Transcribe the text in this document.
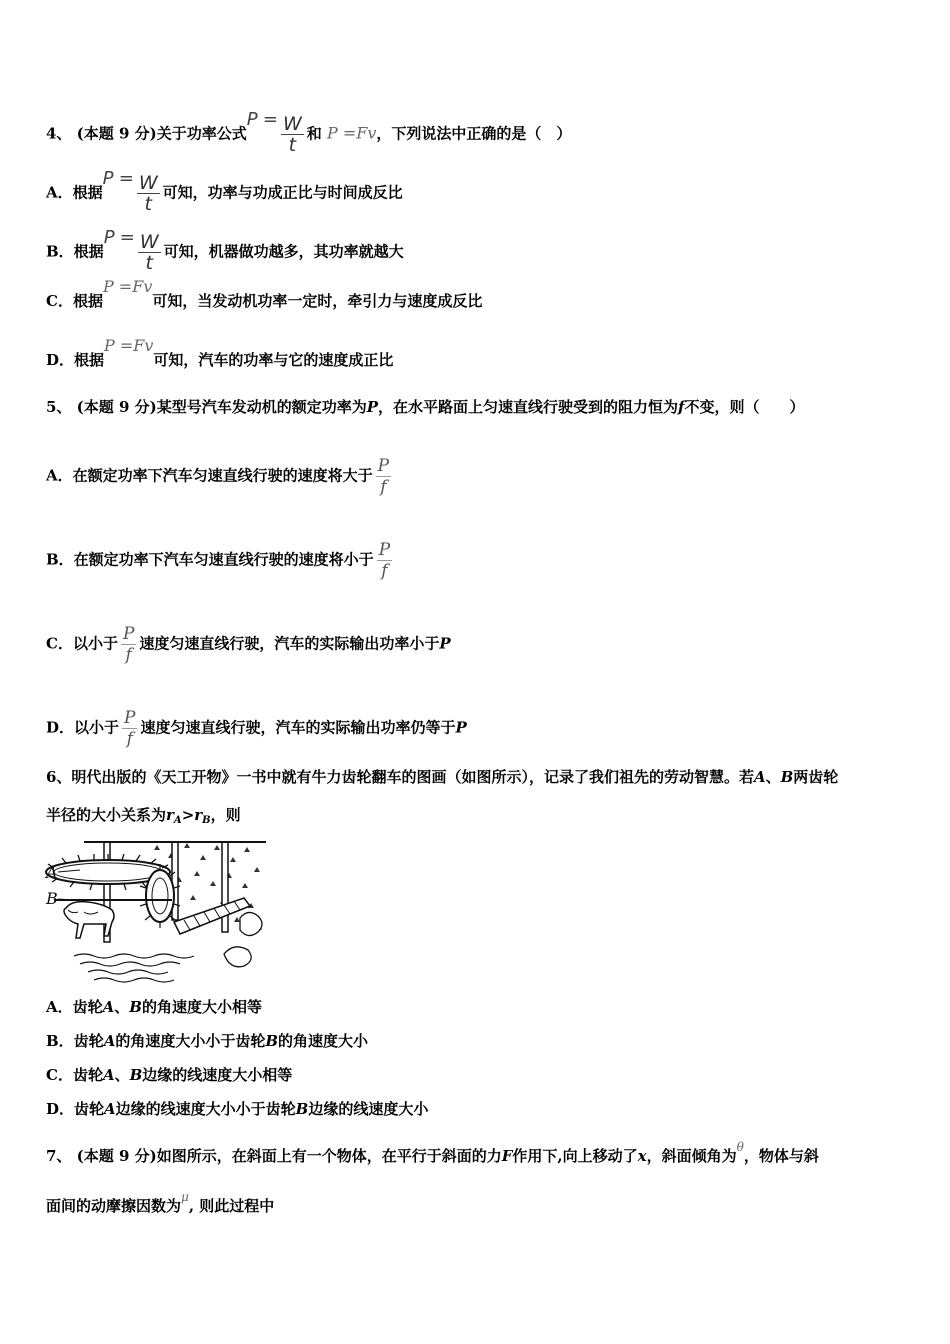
4、 (本题 9 分)关于功率公式$P = \frac{W}{t}$ 和 P =Fv，下列说法中正确的是（　）
A．根据$P = \frac{W}{t}$ 可知，功率与功成正比与时间成反比
B．根据$P = \frac{W}{t}$ 可知，机器做功越多，其功率就越大
C．根据P =Fv可知，当发动机功率一定时，牵引力与速度成反比
D．根据P =Fv可知，汽车的功率与它的速度成正比
5、 (本题 9 分)某型号汽车发动机的额定功率为P，在水平路面上匀速直线行驶受到的阻力恒为f不变，则（　　）
A．在额定功率下汽车匀速直线行驶的速度将大于 $\frac{P}{f}$
B．在额定功率下汽车匀速直线行驶的速度将小于 $\frac{P}{f}$
C．以小于 $\frac{P}{f}$ 速度匀速直线行驶，汽车的实际输出功率小于P
D．以小于 $\frac{P}{f}$ 速度匀速直线行驶，汽车的实际输出功率仍等于P
6、明代出版的《天工开物》一书中就有牛力齿轮翻车的图画（如图所示），记录了我们祖先的劳动智慧。若A、B两齿轮
半径的大小关系为$r_A>r_B$，则
A
B
A．齿轮A、B的角速度大小相等
B．齿轮A的角速度大小小于齿轮B的角速度大小
C．齿轮A、B边缘的线速度大小相等
D．齿轮A边缘的线速度大小小于齿轮B边缘的线速度大小
7、 (本题 9 分)如图所示，在斜面上有一个物体，在平行于斜面的力F作用下,向上移动了x，斜面倾角为$^\theta$，物体与斜
面间的动摩擦因数为$^\mu$, 则此过程中
